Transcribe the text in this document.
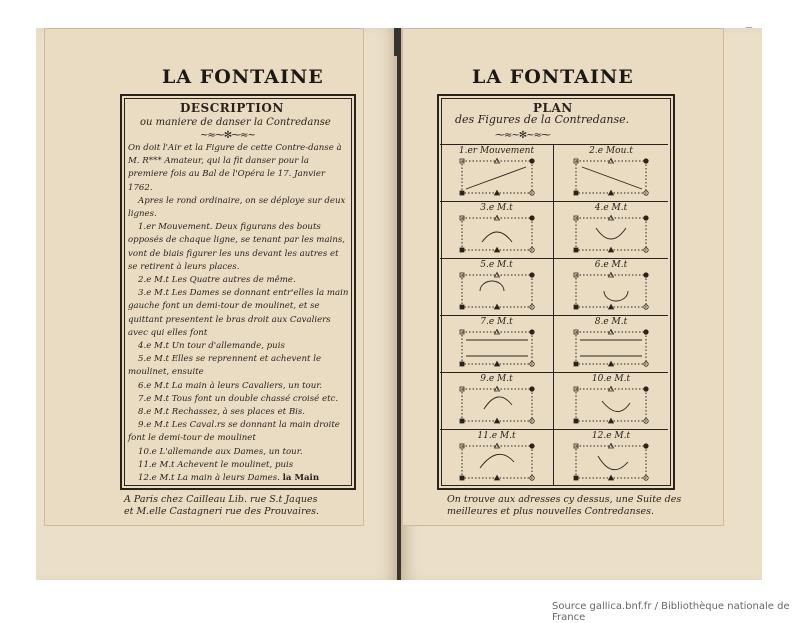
LA FONTAINE
DESCRIPTION
ou maniere de danser la Contredanse
~≈⁓✻⁓≈~

On doit l'Air et la Figure de cette Contre-danse à M. R*** Amateur, qui la fit danser pour la premiere fois au Bal de l'Opéra le 17. Janvier 1762.

Apres le rond ordinaire, on se déploye sur deux lignes.

1.er Mouvement. Deux figurans des bouts opposés de chaque ligne, se tenant par les mains, vont de biais figurer les uns devant les autres et se retirent à leurs places.

2.e M.t Les Quatre autres de même.

3.e M.t Les Dames se donnant entr'elles la main gauche font un demi-tour de moulinet, et se quittant presentent le bras droit aux Cavaliers avec qui elles font

4.e M.t Un tour d'allemande, puis

5.e M.t Elles se reprennent et achevent le moulinet, ensuite

6.e M.t La main à leurs Cavaliers, un tour.

7.e M.t Tous font un double chassé croisé etc.

8.e M.t Rechassez, à ses places et Bis.

9.e M.t Les Caval.rs se donnant la main droite font le demi-tour de moulinet

10.e L'allemande aux Dames, un tour.

11.e M.t Achevent le moulinet, puis

12.e M.t La main à leurs Dames. la Main

A Paris chez Cailleau Lib. rue S.t Jaques
et M.elle Castagneri rue des Prouvaires.
LA FONTAINE
PLAN
des Figures de la Contredanse.
⁓≈~✻~≈⁓
1.er Mouvement	2.e Mou.t
3.e M.t	4.e M.t
5.e M.t	6.e M.t
7.e M.t	8.e M.t
9.e M.t	10.e M.t
11.e M.t	12.e M.t
On trouve aux adresses cy dessus, une Suite des
meilleures et plus nouvelles Contredanses.
Source gallica.bnf.fr / Bibliothèque nationale de France
